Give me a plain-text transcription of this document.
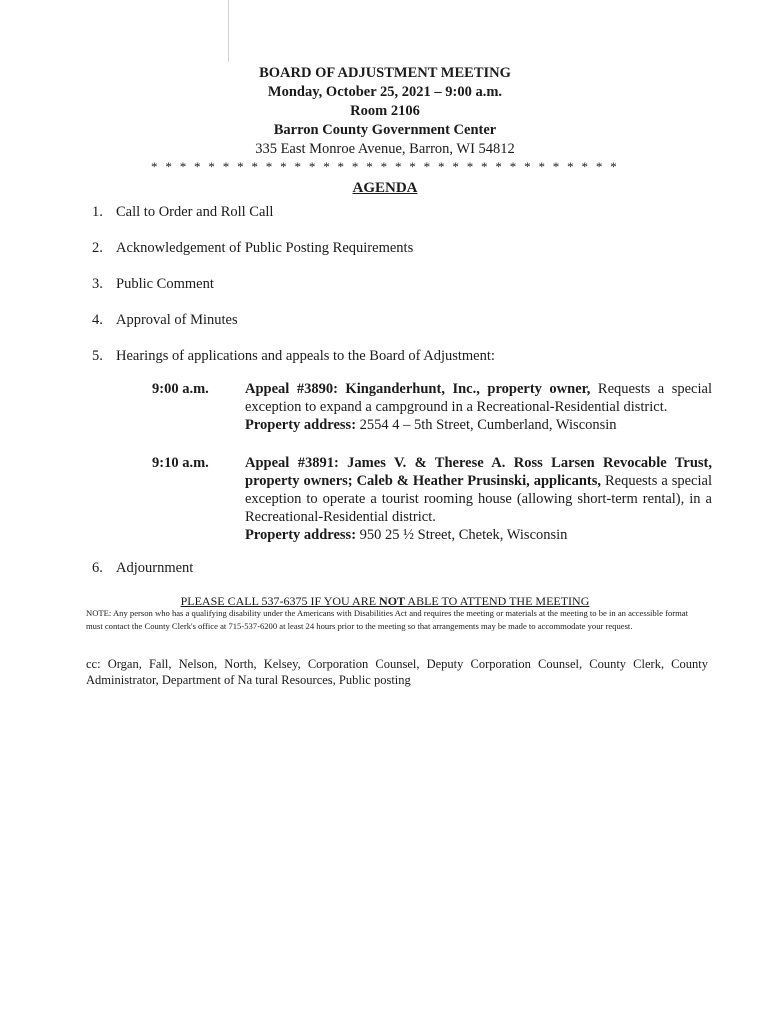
BOARD OF ADJUSTMENT MEETING
Monday, October 25, 2021 – 9:00 a.m.
Room 2106
Barron County Government Center
335 East Monroe Avenue, Barron, WI 54812
* * * * * * * * * * * * * * * * * * * * * * * * * * * * * * * * *
AGENDA
1. Call to Order and Roll Call
2. Acknowledgement of Public Posting Requirements
3. Public Comment
4. Approval of Minutes
5. Hearings of applications and appeals to the Board of Adjustment:
9:00 a.m. Appeal #3890: Kinganderhunt, Inc., property owner, Requests a special exception to expand a campground in a Recreational-Residential district.
Property address: 2554 4 – 5th Street, Cumberland, Wisconsin
9:10 a.m. Appeal #3891: James V. & Therese A. Ross Larsen Revocable Trust, property owners; Caleb & Heather Prusinski, applicants, Requests a special exception to operate a tourist rooming house (allowing short-term rental), in a Recreational-Residential district.
Property address: 950 25 ½ Street, Chetek, Wisconsin
6. Adjournment
PLEASE CALL 537-6375 IF YOU ARE NOT ABLE TO ATTEND THE MEETING
NOTE: Any person who has a qualifying disability under the Americans with Disabilities Act and requires the meeting or materials at the meeting to be in an accessible format must contact the County Clerk's office at 715-537-6200 at least 24 hours prior to the meeting so that arrangements may be made to accommodate your request.
cc: Organ, Fall, Nelson, North, Kelsey, Corporation Counsel, Deputy Corporation Counsel, County Clerk, County Administrator, Department of Na tural Resources, Public posting
